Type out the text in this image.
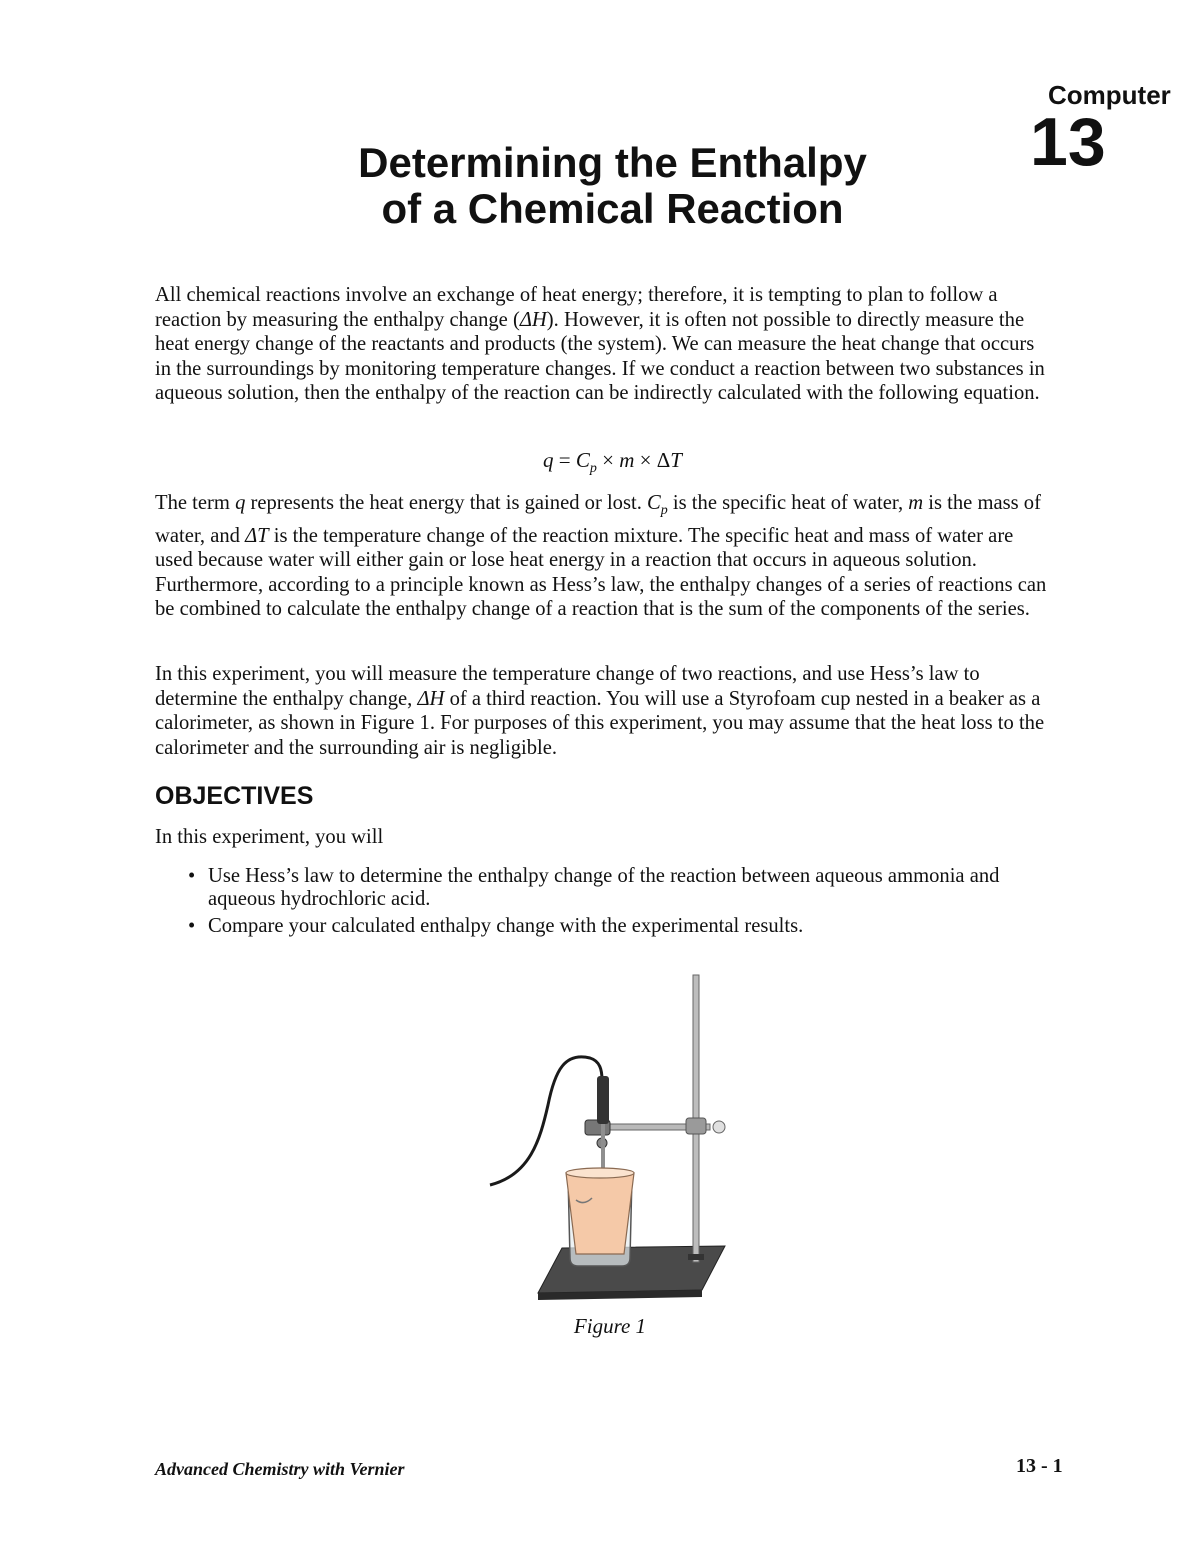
Computer
13
Determining the Enthalpy
of a Chemical Reaction

All chemical reactions involve an exchange of heat energy; therefore, it is tempting to plan to follow a reaction by measuring the enthalpy change (ΔH). However, it is often not possible to directly measure the heat energy change of the reactants and products (the system). We can measure the heat change that occurs in the surroundings by monitoring temperature changes. If we conduct a reaction between two substances in aqueous solution, then the enthalpy of the reaction can be indirectly calculated with the following equation.

$q = C_p \times m \times \Delta T$

The term q represents the heat energy that is gained or lost. $C_p$ is the specific heat of water, m is the mass of water, and ΔT is the temperature change of the reaction mixture. The specific heat and mass of water are used because water will either gain or lose heat energy in a reaction that occurs in aqueous solution. Furthermore, according to a principle known as Hess’s law, the enthalpy changes of a series of reactions can be combined to calculate the enthalpy change of a reaction that is the sum of the components of the series.

In this experiment, you will measure the temperature change of two reactions, and use Hess’s law to determine the enthalpy change, ΔH of a third reaction. You will use a Styrofoam cup nested in a beaker as a calorimeter, as shown in Figure 1. For purposes of this experiment, you may assume that the heat loss to the calorimeter and the surrounding air is negligible.

OBJECTIVES
In this experiment, you will
• Use Hess’s law to determine the enthalpy change of the reaction between aqueous ammonia and aqueous hydrochloric acid.
• Compare your calculated enthalpy change with the experimental results.
Figure 1
Advanced Chemistry with Vernier	13 - 1
